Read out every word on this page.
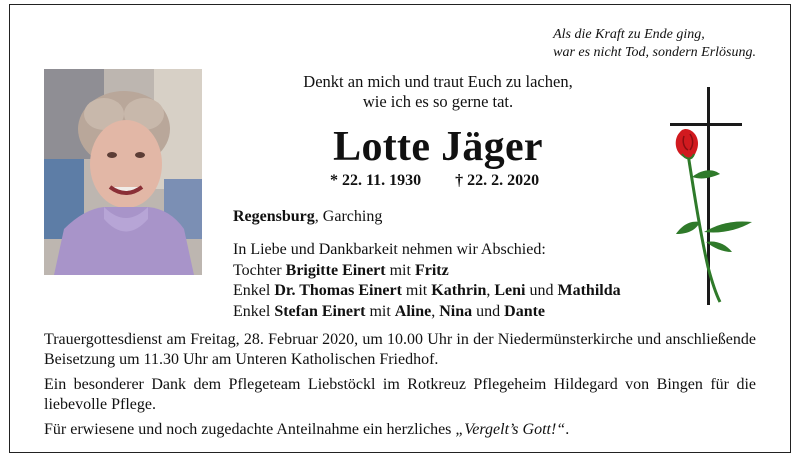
Als die Kraft zu Ende ging,
war es nicht Tod, sondern Erlösung.
Denkt an mich und traut Euch zu lachen,
wie ich es so gerne tat.
Lotte Jäger
* 22. 11. 1930 † 22. 2. 2020
Regensburg, Garching
In Liebe und Dankbarkeit nehmen wir Abschied:
Tochter Brigitte Einert mit Fritz
Enkel Dr. Thomas Einert mit Kathrin, Leni und Mathilda
Enkel Stefan Einert mit Aline, Nina und Dante

Trauergottesdienst am Freitag, 28. Februar 2020, um 10.00 Uhr in der Niedermünsterkirche und anschließende Beisetzung um 11.30 Uhr am Unteren Katholischen Friedhof.

Ein besonderer Dank dem Pflegeteam Liebstöckl im Rotkreuz Pflegeheim Hildegard von Bingen für die liebevolle Pflege.

Für erwiesene und noch zugedachte Anteilnahme ein herzliches „Vergelt’s Gott!“.
